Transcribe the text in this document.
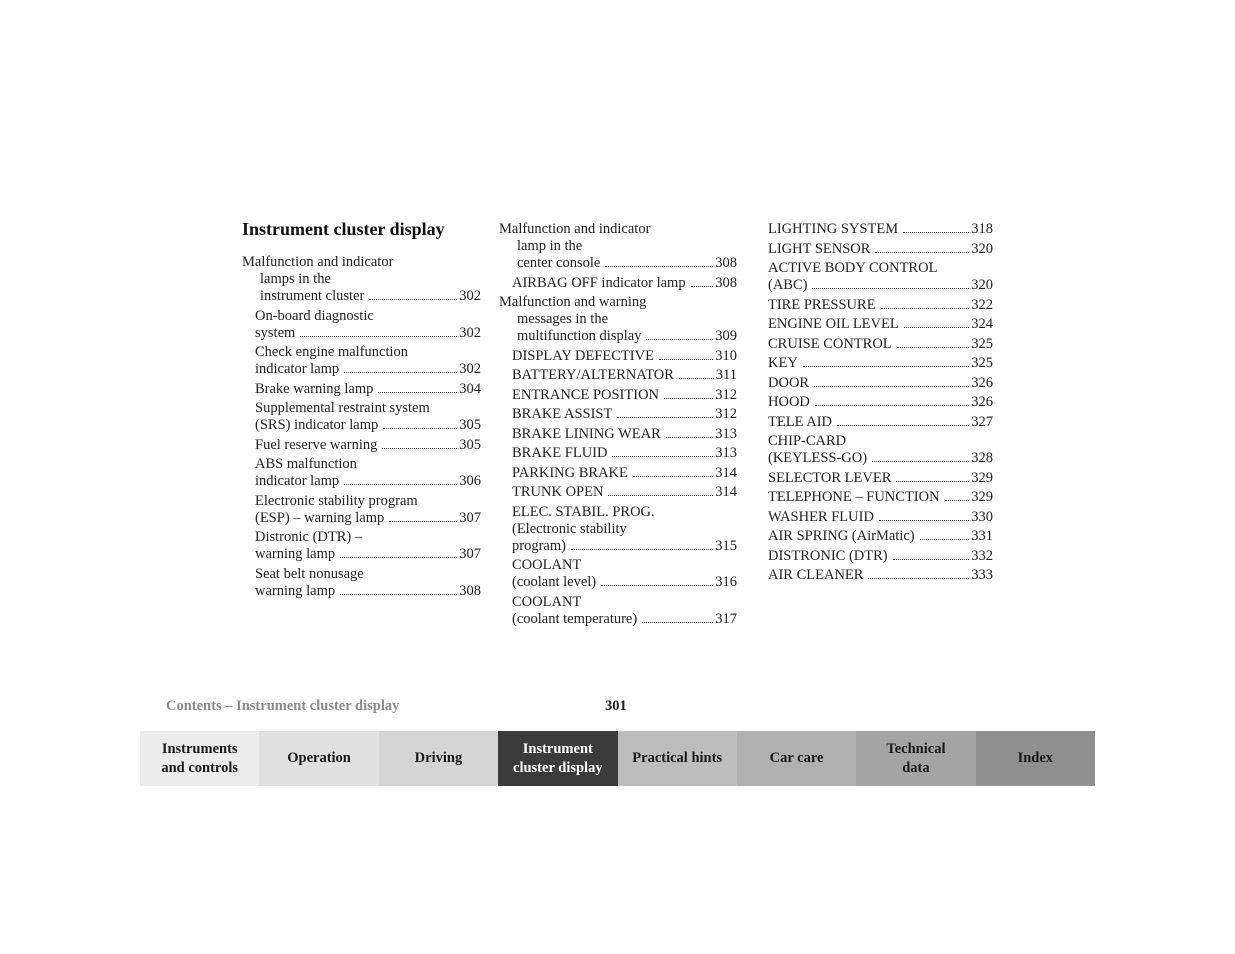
Instrument cluster display
Malfunction and indicator
lamps in the
instrument cluster	302
On-board diagnostic
system	302
Check engine malfunction
indicator lamp	302
Brake warning lamp	304
Supplemental restraint system
(SRS) indicator lamp	305
Fuel reserve warning	305
ABS malfunction
indicator lamp	306
Electronic stability program
(ESP) – warning lamp	307
Distronic (DTR) –
warning lamp	307
Seat belt nonusage
warning lamp	308
Malfunction and indicator
lamp in the
center console	308
AIRBAG OFF indicator lamp 308
Malfunction and warning
messages in the
multifunction display	309
DISPLAY DEFECTIVE	310
BATTERY/ALTERNATOR	311
ENTRANCE POSITION	312
BRAKE ASSIST	312
BRAKE LINING WEAR	313
BRAKE FLUID	313
PARKING BRAKE	314
TRUNK OPEN	314
ELEC. STABIL. PROG.
(Electronic stability
program)	315
COOLANT
(coolant level)	316
COOLANT
(coolant temperature)	317
LIGHTING SYSTEM	318
LIGHT SENSOR	320
ACTIVE BODY CONTROL
(ABC)	320
TIRE PRESSURE	322
ENGINE OIL LEVEL	324
CRUISE CONTROL	325
KEY	325
DOOR	326
HOOD	326
TELE AID	327
CHIP-CARD
(KEYLESS-GO)	328
SELECTOR LEVER	329
TELEPHONE – FUNCTION 329
WASHER FLUID	330
AIR SPRING (AirMatic)	331
DISTRONIC (DTR)	332
AIR CLEANER	333
Contents – Instrument cluster display	301
Instruments
and controls
Operation	Driving
Instrument
cluster display
Practical hints	Car care
Technical
data
Index
